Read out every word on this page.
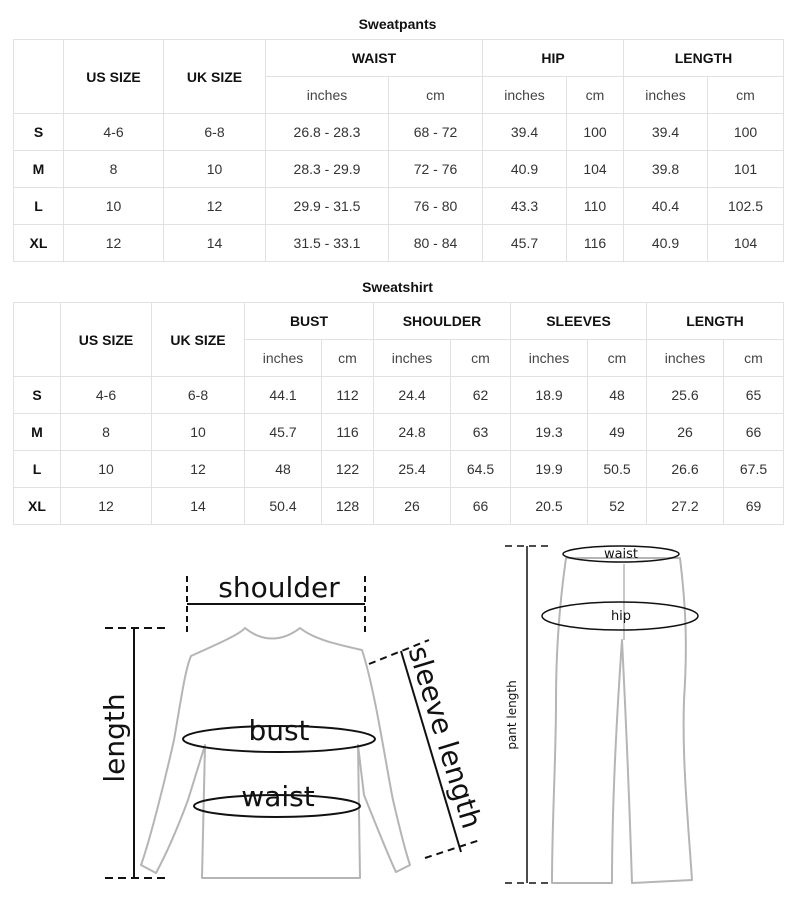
Sweatpants
	US SIZE	UK SIZE	WAIST		HIP		LENGTH	
			inches	cm	inches	cm	inches	cm
S	4-6	6-8	26.8 - 28.3	68 - 72	39.4	100	39.4	100
M	8	10	28.3 - 29.9	72 - 76	40.9	104	39.8	101
L	10	12	29.9 - 31.5	76 - 80	43.3	110	40.4	102.5
XL	12	14	31.5 - 33.1	80 - 84	45.7	116	40.9	104
Sweatshirt
	US SIZE	UK SIZE	BUST		SHOULDER		SLEEVES		LENGTH	
			inches	cm	inches	cm	inches	cm	inches	cm
S	4-6	6-8	44.1	112	24.4	62	18.9	48	25.6	65
M	8	10	45.7	116	24.8	63	19.3	49	26	66
L	10	12	48	122	25.4	64.5	19.9	50.5	26.6	67.5
XL	12	14	50.4	128	26	66	20.5	52	27.2	69
shoulder
length	bust
waist	sleeve length
waist
hip
pant length
